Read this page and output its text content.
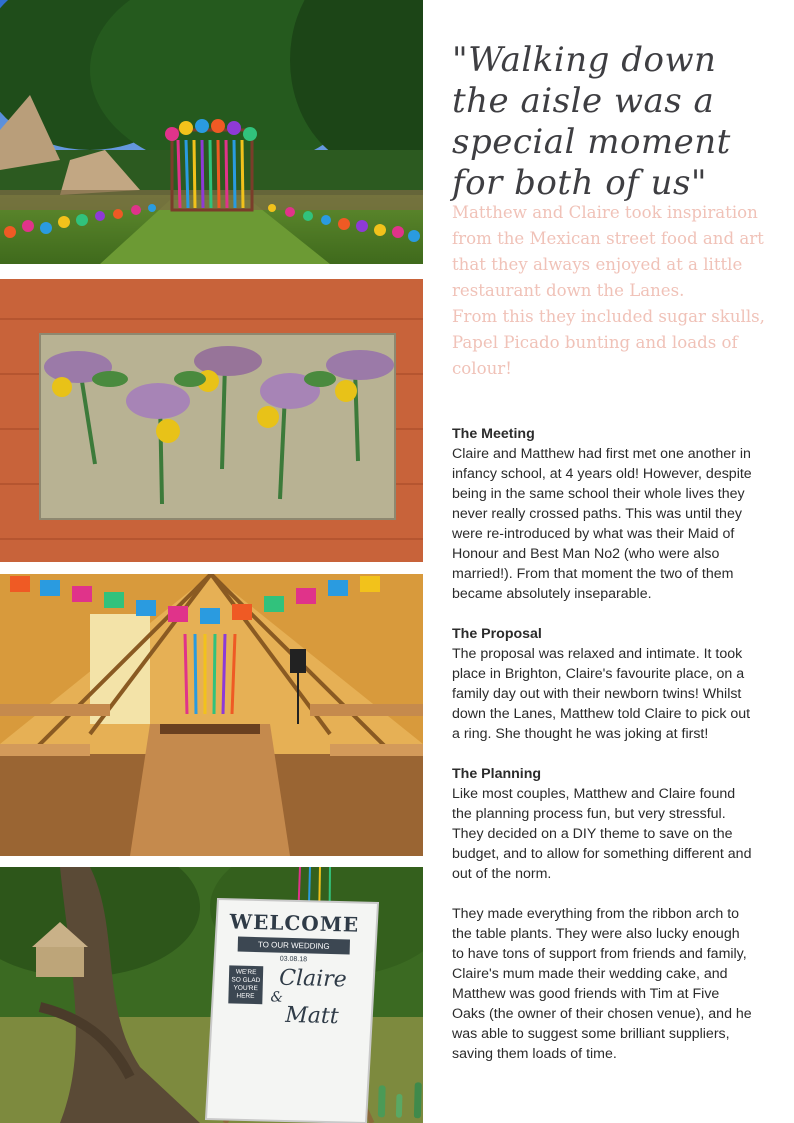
WELCOME
TO OUR WEDDING
03.08.18
WE'RE SO GLAD YOU'RE HERE
Claire
&
Matt
"Walking down the aisle was a special moment for both of us"

Matthew and Claire took inspiration from the Mexican street food and art that they always enjoyed at a little restaurant down the Lanes.

From this they included sugar skulls, Papel Picado bunting and loads of colour!

The Meeting

Claire and Matthew had first met one another in infancy school, at 4 years old! However, despite being in the same school their whole lives they never really crossed paths. This was until they were re-introduced by what was their Maid of Honour and Best Man No2 (who were also married!). From that moment the two of them became absolutely inseparable.

The Proposal

The proposal was relaxed and intimate. It took place in Brighton, Claire's favourite place, on a family day out with their newborn twins! Whilst down the Lanes, Matthew told Claire to pick out a ring. She thought he was joking at first!

The Planning

Like most couples, Matthew and Claire found the planning process fun, but very stressful. They decided on a DIY theme to save on the budget, and to allow for something different and out of the norm.

They made everything from the ribbon arch to the table plants. They were also lucky enough to have tons of support from friends and family, Claire's mum made their wedding cake, and Matthew was good friends with Tim at Five Oaks (the owner of their chosen venue), and he was able to suggest some brilliant suppliers, saving them loads of time.
